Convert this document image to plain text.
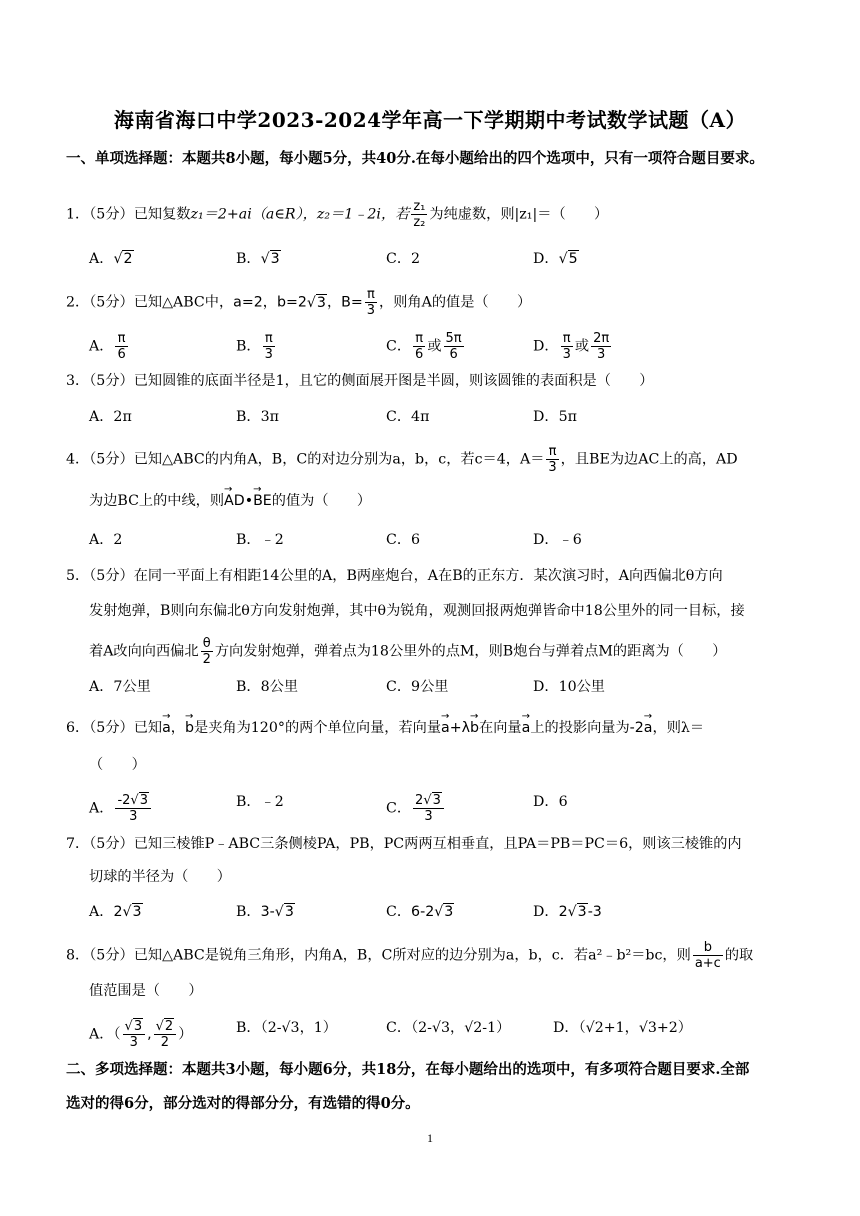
海南省海口中学2023-2024学年高一下学期期中考试数学试题（A）
一、单项选择题：本题共8小题，每小题5分，共40分.在每小题给出的四个选项中，只有一项符合题目要求。
1．（5分）已知复数z₁＝2+ai（a∈R），z₂＝1﹣2i，若 $\frac{\text{z₁}}{\text{z₂}}$ 为纯虚数，则|z₁|＝（　　）
A．√2	B．√3	C．2	D．√5
2．（5分）已知△ABC中，a=2，b=2√3，$B= \frac{\pi}{3}$ ，则角A的值是（　　）
A． $\frac{\pi}{6}$	B． $\frac{\pi}{3}$	C． $\frac{\pi}{6}$ 或 $\frac{5\pi}{6}$	D． $\frac{\pi}{3}$ 或 $\frac{2\pi}{3}$
3．（5分）已知圆锥的底面半径是1，且它的侧面展开图是半圆，则该圆锥的表面积是（　　）
A．2π	B．3π	C．4π	D．5π
4．（5分）已知△ABC的内角A，B，C的对边分别为a，b，c，若c＝4，$A= \frac{\pi}{3}$ ，且BE为边AC上的高，AD
为边BC上的中线，则→ AD•→ BE的值为（　　）
A．2	B．﹣2	C．6	D．﹣6
5．（5分）在同一平面上有相距14公里的A，B两座炮台，A在B的正东方．某次演习时，A向西偏北θ方向
发射炮弹，B则向东偏北θ方向发射炮弹，其中θ为锐角，观测回报两炮弹皆命中18公里外的同一目标，接
着A改向向西偏北 $\frac{\theta}{2}$ 方向发射炮弹，弹着点为18公里外的点M，则B炮台与弹着点M的距离为（　　）
A．7公里	B．8公里	C．9公里	D．10公里
6．（5分）已知→ a，→ b是夹角为120°的两个单位向量，若向量→ a+λ→ b在向量→ a上的投影向量为-2→ a，则λ＝
（　　）
A． $\frac{-2√3}{3}$	B．﹣2	C． $\frac{2√3}{3}$	D．6
7．（5分）已知三棱锥P﹣ABC三条侧棱PA，PB，PC两两互相垂直，且PA＝PB＝PC＝6，则该三棱锥的内
切球的半径为（　　）
A．2√3	B．3-√3	C．6-2√3	D．2√3-3
8．（5分）已知△ABC是锐角三角形，内角A，B，C所对应的边分别为a，b，c．若a²﹣b²＝bc，则 $\frac{b}{a+c}$ 的取
值范围是（　　）
A．（ $\frac{√3}{3}$ , $\frac{√2}{2}$ ）	B．（2-√3，1）	C．（2-√3，√2-1）	D．（√2+1，√3+2）
二、多项选择题：本题共3小题，每小题6分，共18分，在每小题给出的选项中，有多项符合题目要求.全部
选对的得6分，部分选对的得部分分，有选错的得0分。
1
